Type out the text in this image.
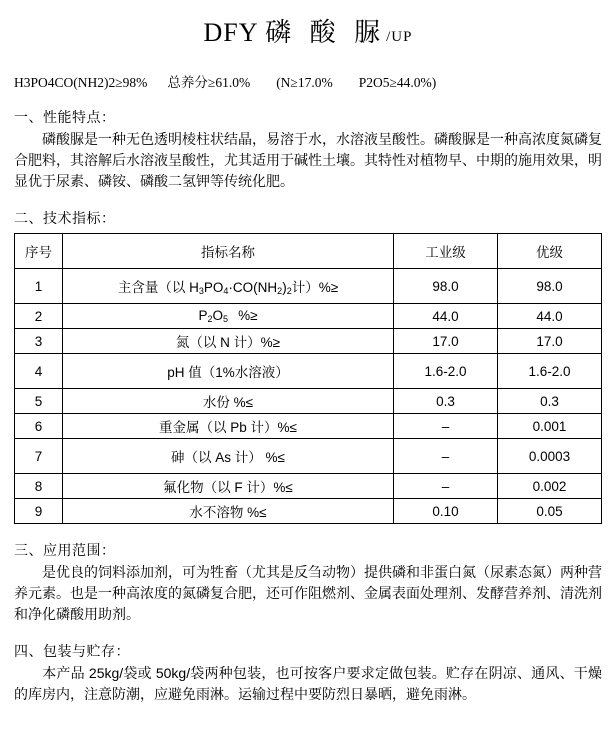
DFY 磷 酸 脲/UP
H3PO4CO(NH2)2≥98% 总养分≥61.0% (N≥17.0% P2O5≥44.0%)
一、性能特点：
磷酸脲是一种无色透明棱柱状结晶，易溶于水，水溶液呈酸性。磷酸脲是一种高浓度氮磷复合肥料，其溶解后水溶液呈酸性，尤其适用于碱性土壤。其特性对植物早、中期的施用效果，明显优于尿素、磷铵、磷酸二氢钾等传统化肥。
二、技术指标：
序号	指标名称	工业级	优级
1	主含量（以 $H_3PO_4\cdot CO(NH_2)_2$计）%≥	98.0	98.0
2	$P_2O_5$ %≥	44.0	44.0
3	氮（以 N 计）%≥	17.0	17.0
4	pH 值（1%水溶液）	1.6-2.0	1.6-2.0
5	水份 %≤	0.3	0.3
6	重金属（以 Pb 计）%≤	–	0.001
7	砷（以 As 计） %≤	–	0.0003
8	氟化物（以 F 计）%≤	–	0.002
9	水不溶物 %≤	0.10	0.05
三、应用范围：
是优良的饲料添加剂，可为牲畜（尤其是反刍动物）提供磷和非蛋白氮（尿素态氮）两种营养元素。也是一种高浓度的氮磷复合肥，还可作阻燃剂、金属表面处理剂、发酵营养剂、清洗剂和净化磷酸用助剂。
四、包装与贮存：
本产品 25kg/袋或 50kg/袋两种包装，也可按客户要求定做包装。贮存在阴凉、通风、干燥的库房内，注意防潮，应避免雨淋。运输过程中要防烈日暴晒，避免雨淋。
